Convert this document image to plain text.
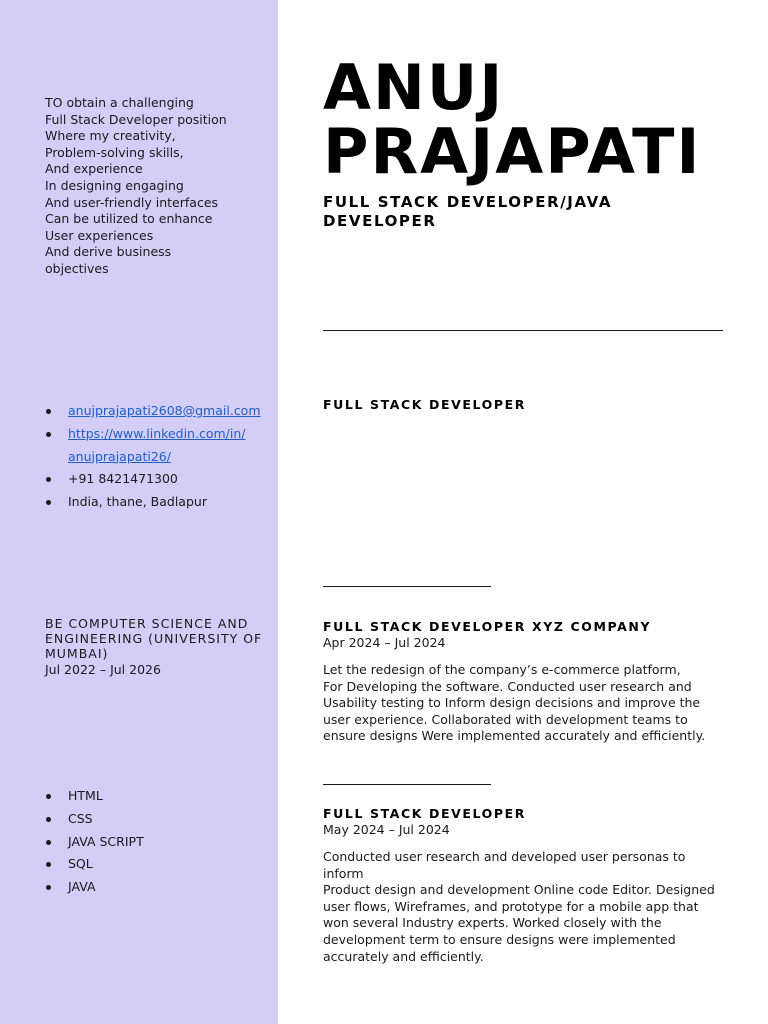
TO obtain a challenging
Full Stack Developer position
Where my creativity,
Problem-solving skills,
And experience
In designing engaging
And user-friendly interfaces
Can be utilized to enhance
User experiences
And derive business
objectives
anujprajapati2608@gmail.com
https://www.linkedin.com/in/
anujprajapati26/
+91 8421471300
India, thane, Badlapur
BE COMPUTER SCIENCE AND ENGINEERING (UNIVERSITY OF MUMBAI)
Jul 2022 – Jul 2026
HTML
CSS
JAVA SCRIPT
SQL
JAVA
ANUJ
PRAJAPATI
FULL STACK DEVELOPER/JAVA DEVELOPER
FULL STACK DEVELOPER
FULL STACK DEVELOPER XYZ COMPANY
Apr 2024 – Jul 2024
Let the redesign of the company’s e-commerce platform,
For Developing the software. Conducted user research and
Usability testing to Inform design decisions and improve the
user experience. Collaborated with development teams to
ensure designs Were implemented accurately and efficiently.
FULL STACK DEVELOPER
May 2024 – Jul 2024
Conducted user research and developed user personas to
inform
Product design and development Online code Editor. Designed
user flows, Wireframes, and prototype for a mobile app that
won several Industry experts. Worked closely with the
development term to ensure designs were implemented
accurately and efficiently.
